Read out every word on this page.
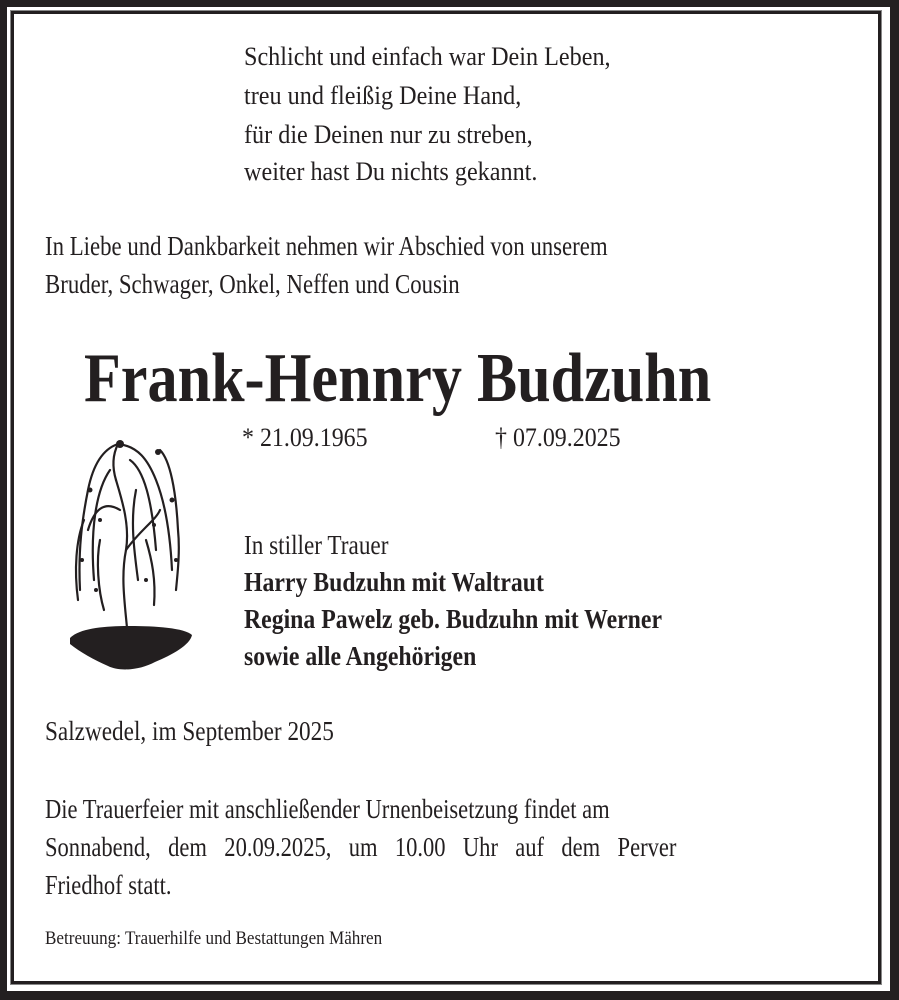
Schlicht und einfach war Dein Leben,
treu und fleißig Deine Hand,
für die Deinen nur zu streben,
weiter hast Du nichts gekannt.
In Liebe und Dankbarkeit nehmen wir Abschied von unserem
Bruder, Schwager, Onkel, Neffen und Cousin
Frank-Hennry Budzuhn
* 21.09.1965	† 07.09.2025
In stiller Trauer
Harry Budzuhn mit Waltraut
Regina Pawelz geb. Budzuhn mit Werner
sowie alle Angehörigen
Salzwedel, im September 2025
Die Trauerfeier mit anschließender Urnenbeisetzung findet am
Sonnabend, dem 20.09.2025, um 10.00 Uhr auf dem Perver
Friedhof statt.
Betreuung: Trauerhilfe und Bestattungen Mähren
